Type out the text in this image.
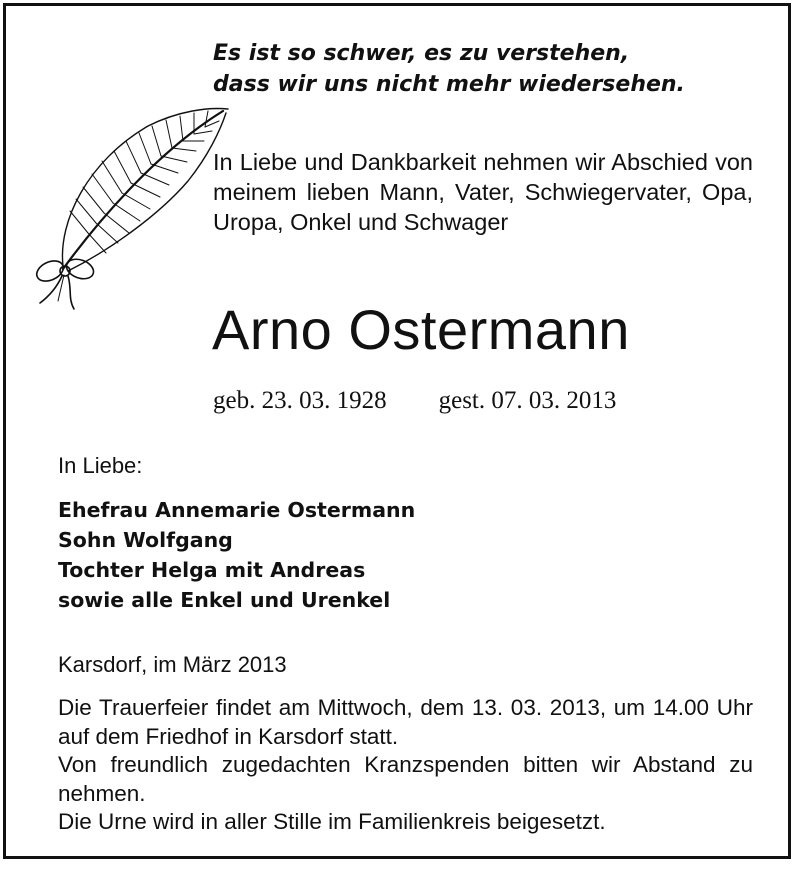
Es ist so schwer, es zu verstehen,
dass wir uns nicht mehr wiedersehen.
In Liebe und Dankbarkeit nehmen wir Abschied von meinem lieben Mann, Vater, Schwiegervater, Opa, Uropa, Onkel und Schwager
Arno Ostermann
geb. 23. 03. 1928 gest. 07. 03. 2013
In Liebe:
Ehefrau Annemarie Ostermann
Sohn Wolfgang
Tochter Helga mit Andreas
sowie alle Enkel und Urenkel
Karsdorf, im März 2013

Die Trauerfeier findet am Mittwoch, dem 13. 03. 2013, um 14.00 Uhr auf dem Friedhof in Karsdorf statt.

Von freundlich zugedachten Kranzspenden bitten wir Abstand zu nehmen.

Die Urne wird in aller Stille im Familienkreis beigesetzt.
